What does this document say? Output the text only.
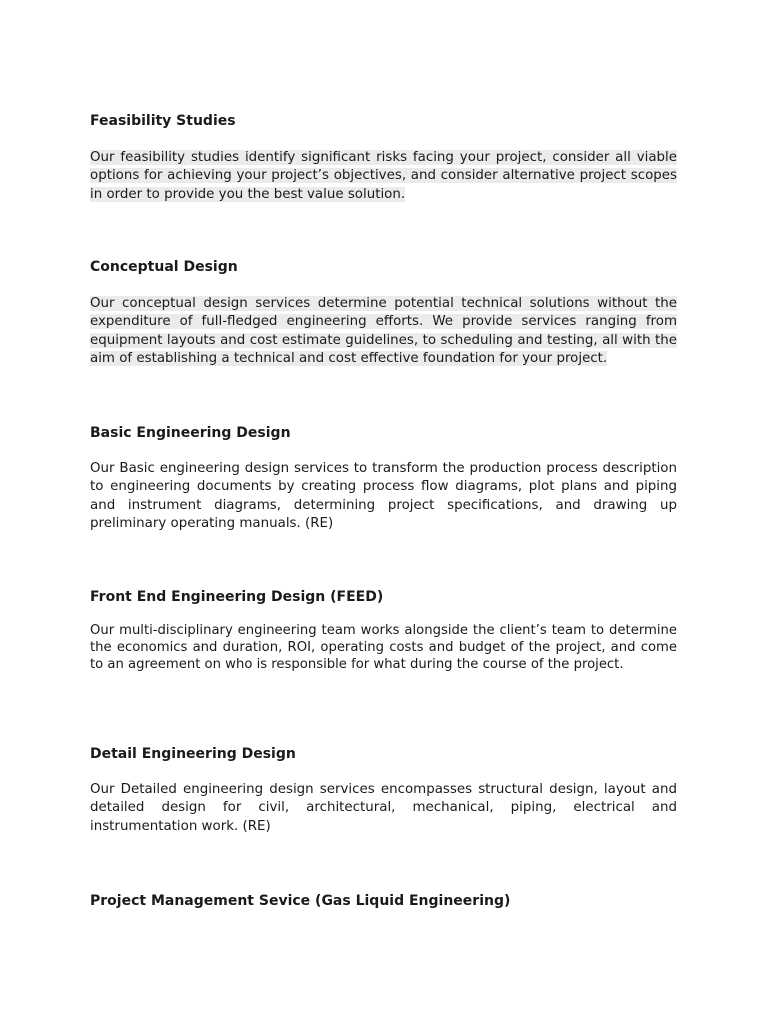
Feasibility Studies

Our feasibility studies identify significant risks facing your project, consider all viable options for achieving your project’s objectives, and consider alternative project scopes in order to provide you the best value solution.

Conceptual Design

Our conceptual design services determine potential technical solutions without the expenditure of full-fledged engineering efforts. We provide services ranging from equipment layouts and cost estimate guidelines, to scheduling and testing, all with the aim of establishing a technical and cost effective foundation for your project.

Basic Engineering Design

Our Basic engineering design services to transform the production process description to engineering documents by creating process flow diagrams, plot plans and piping and instrument diagrams, determining project specifications, and drawing up preliminary operating manuals. (RE)

Front End Engineering Design (FEED)

Our multi-disciplinary engineering team works alongside the client’s team to determine the economics and duration, ROI, operating costs and budget of the project, and come to an agreement on who is responsible for what during the course of the project.

Detail Engineering Design

Our Detailed engineering design services encompasses structural design, layout and detailed design for civil, architectural, mechanical, piping, electrical and instrumentation work. (RE)

Project Management Sevice (Gas Liquid Engineering)
